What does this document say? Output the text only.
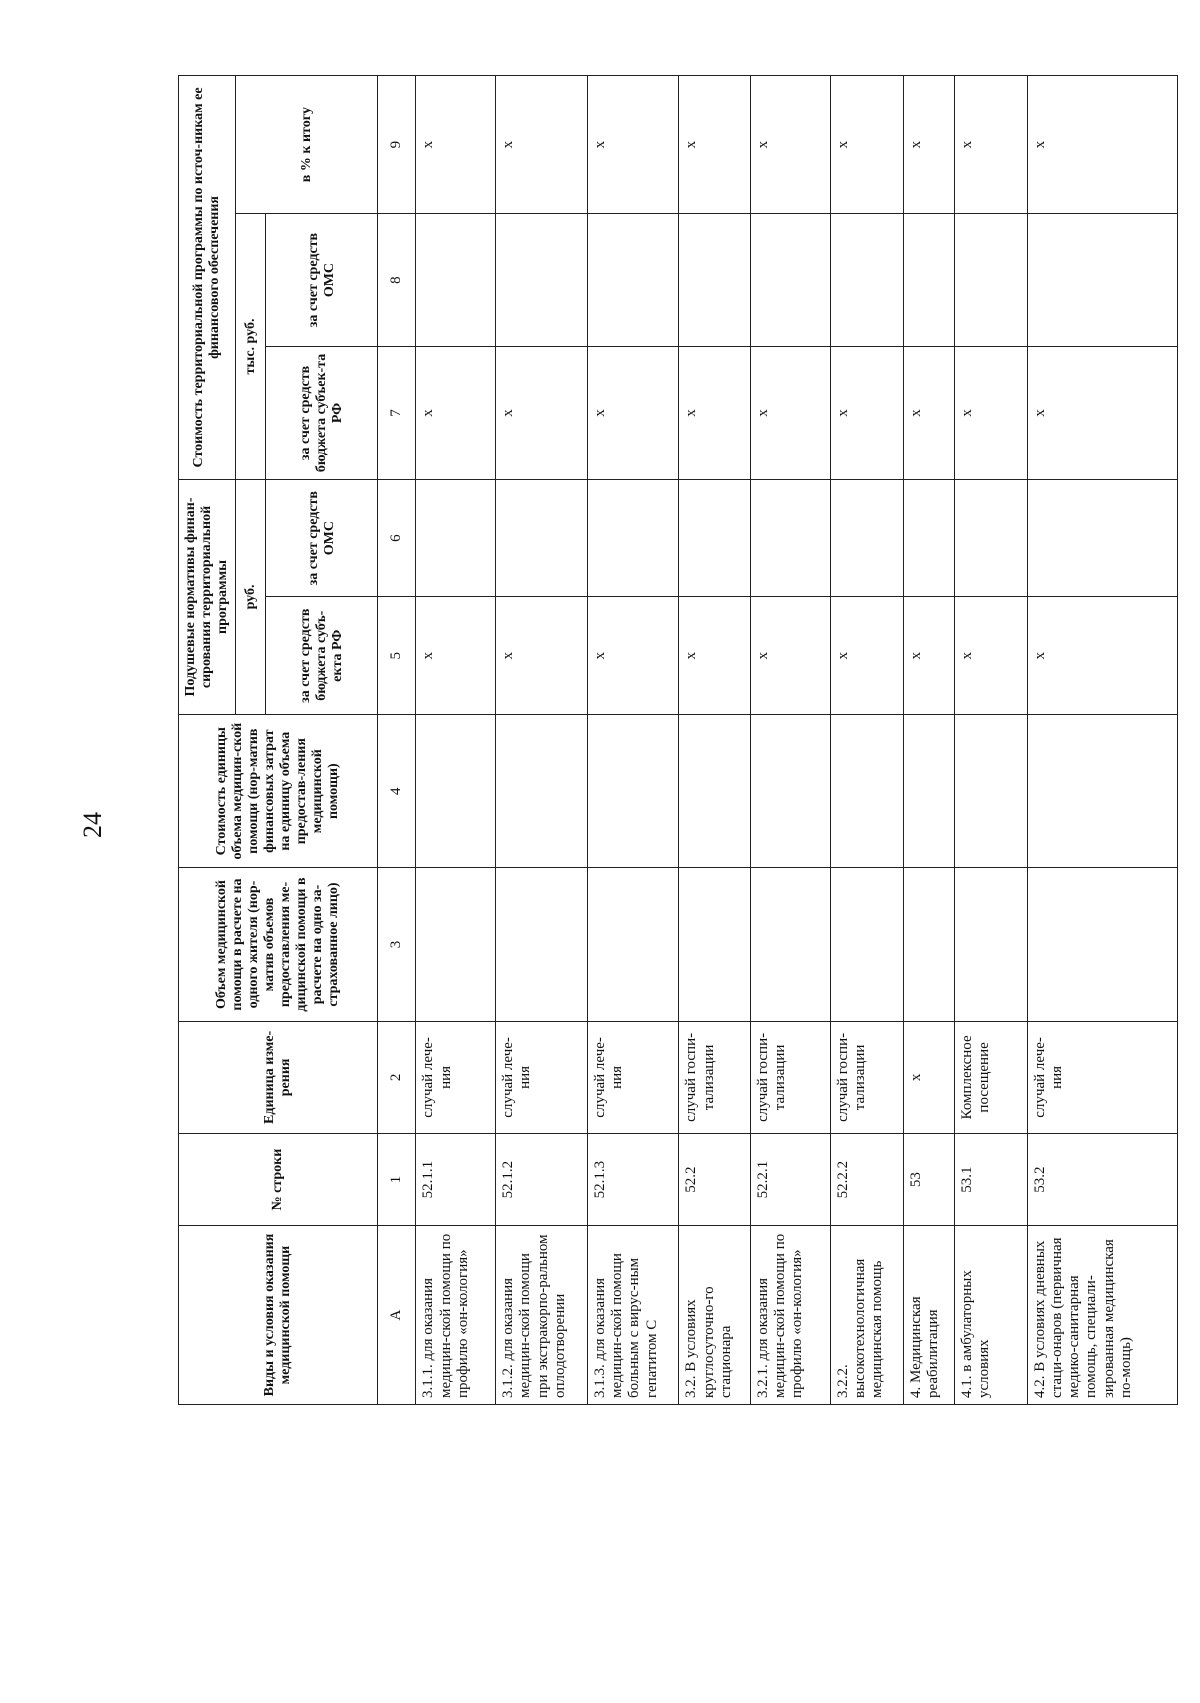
24
Виды и условия оказания медицинской помощи	№ строки	Единица изме-рения	Объем медицинской помощи в расчете на одного жителя (нор-матив объемов предоставления ме-дицинской помощи в расчете на одно за-страхованное лицо)	Стоимость единицы объема медицин-ской помощи (нор-матив финансовых затрат на единицу объема предостав-ления медицинской помощи)	Подушевые нормативы финан-сирования территориальной программы		Стоимость территориальной программы по источ-никам ее финансового обеспечения		
					руб.		тыс. руб.		в % к итогу
					за счет средств бюджета субъ-екта РФ	за счет средств ОМС	за счет средств бюджета субъек-та РФ	за счет средств ОМС	
А	1	2	3	4	5	6	7	8	9
3.1.1. для оказания медицин-ской помощи по профилю «он-кология»	52.1.1	случай лече-ния			х		х		х
3.1.2. для оказания медицин-ской помощи при экстракорпо-ральном оплодотворении	52.1.2	случай лече-ния			х		х		х
3.1.3. для оказания медицин-ской помощи больным с вирус-ным гепатитом С	52.1.3	случай лече-ния			х		х		х
3.2. В условиях круглосуточно-го стационара	52.2	случай госпи-тализации			х		х		х
3.2.1. для оказания медицин-ской помощи по профилю «он-кология»	52.2.1	случай госпи-тализации			х		х		х
3.2.2. высокотехнологичная медицинская помощь	52.2.2	случай госпи-тализации			х		х		х
4. Медицинская реабилитация	53	х			х		х		х
4.1. в амбулаторных условиях	53.1	Комплексное посещение			х		х		х
4.2. В условиях дневных стаци-онаров (первичная медико-санитарная помощь, специали-зированная медицинская по-мощь)	53.2	случай лече-ния			х		х		х
